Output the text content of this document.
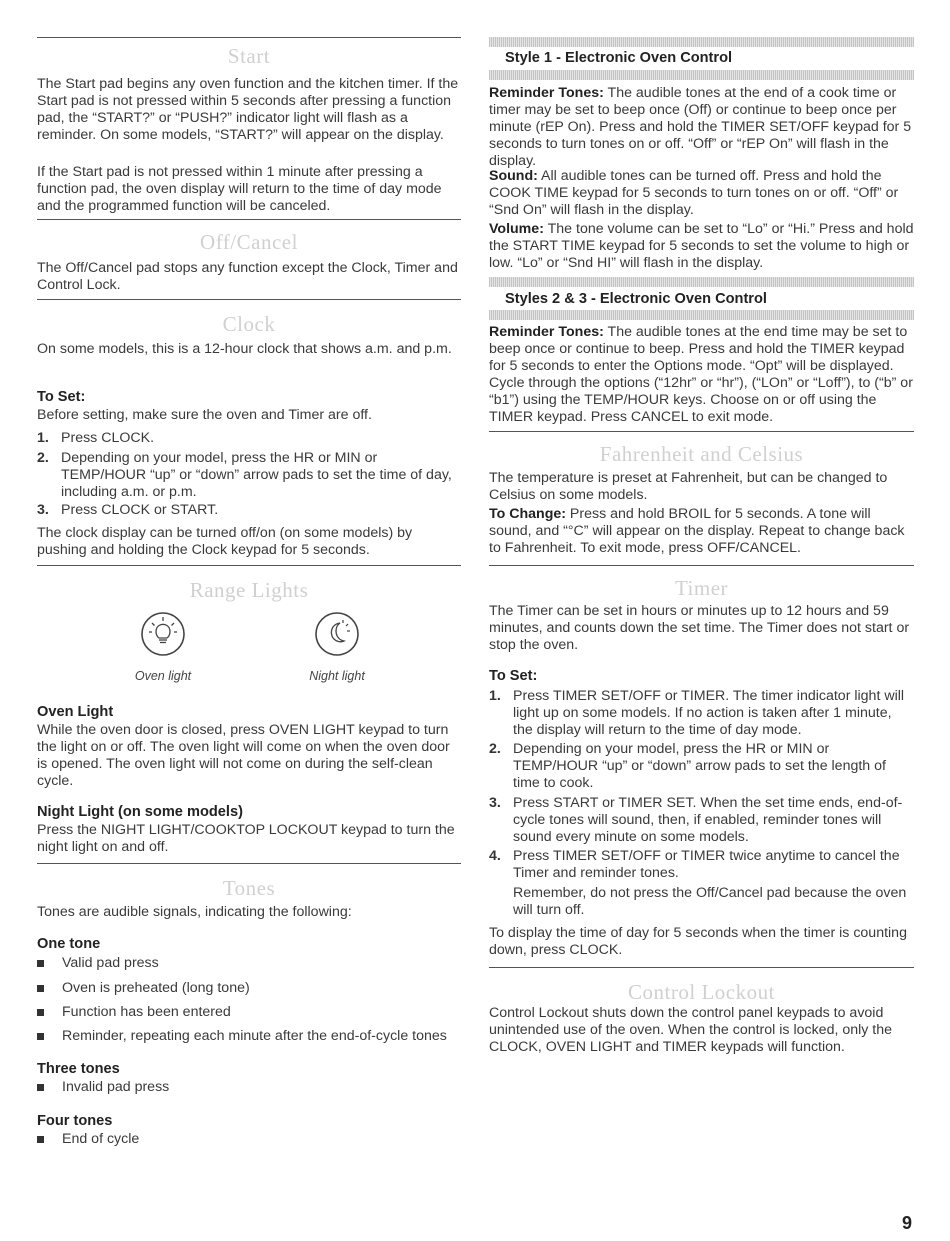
Start

The Start pad begins any oven function and the kitchen timer. If the Start pad is not pressed within 5 seconds after pressing a function pad, the “START?” or “PUSH?” indicator light will flash as a reminder. On some models, “START?” will appear on the display.

If the Start pad is not pressed within 1 minute after pressing a function pad, the oven display will return to the time of day mode and the programmed function will be canceled.

Off/Cancel

The Off/Cancel pad stops any function except the Clock, Timer and Control Lock.

Clock

On some models, this is a 12-hour clock that shows a.m. and p.m.

To Set:

Before setting, make sure the oven and Timer are off.

1. Press CLOCK.

2. Depending on your model, press the HR or MIN or TEMP/HOUR “up” or “down” arrow pads to set the time of day, including a.m. or p.m.

3. Press CLOCK or START.

The clock display can be turned off/on (on some models) by pushing and holding the Clock keypad for 5 seconds.

Range Lights
Oven light	Night light

Oven Light

While the oven door is closed, press OVEN LIGHT keypad to turn the light on or off. The oven light will come on when the oven door is opened. The oven light will not come on during the self-clean cycle.

Night Light (on some models)

Press the NIGHT LIGHT/COOKTOP LOCKOUT keypad to turn the night light on and off.

Tones

Tones are audible signals, indicating the following:

One tone

Valid pad press

Oven is preheated (long tone)

Function has been entered

Reminder, repeating each minute after the end-of-cycle tones

Three tones

Invalid pad press

Four tones

End of cycle

Style 1 - Electronic Oven Control

Reminder Tones: The audible tones at the end of a cook time or timer may be set to beep once (Off) or continue to beep once per minute (rEP On). Press and hold the TIMER SET/OFF keypad for 5 seconds to turn tones on or off. “Off” or “rEP On” will flash in the display.

Sound: All audible tones can be turned off. Press and hold the COOK TIME keypad for 5 seconds to turn tones on or off. “Off” or “Snd On” will flash in the display.

Volume: The tone volume can be set to “Lo” or “Hi.” Press and hold the START TIME keypad for 5 seconds to set the volume to high or low. “Lo” or “Snd HI” will flash in the display.

Styles 2 & 3 - Electronic Oven Control

Reminder Tones: The audible tones at the end time may be set to beep once or continue to beep. Press and hold the TIMER keypad for 5 seconds to enter the Options mode. “Opt” will be displayed. Cycle through the options (“12hr” or “hr”), (“LOn” or “Loff”), to (“b” or “b1”) using the TEMP/HOUR keys. Choose on or off using the TIMER keypad. Press CANCEL to exit mode.

Fahrenheit and Celsius

The temperature is preset at Fahrenheit, but can be changed to Celsius on some models.

To Change: Press and hold BROIL for 5 seconds. A tone will sound, and “°C” will appear on the display. Repeat to change back to Fahrenheit. To exit mode, press OFF/CANCEL.

Timer

The Timer can be set in hours or minutes up to 12 hours and 59 minutes, and counts down the set time. The Timer does not start or stop the oven.

To Set:

1. Press TIMER SET/OFF or TIMER. The timer indicator light will light up on some models. If no action is taken after 1 minute, the display will return to the time of day mode.

2. Depending on your model, press the HR or MIN or TEMP/HOUR “up” or “down” arrow pads to set the length of time to cook.

3. Press START or TIMER SET. When the set time ends, end-of-cycle tones will sound, then, if enabled, reminder tones will sound every minute on some models.

4. Press TIMER SET/OFF or TIMER twice anytime to cancel the Timer and reminder tones.

Remember, do not press the Off/Cancel pad because the oven will turn off.

To display the time of day for 5 seconds when the timer is counting down, press CLOCK.

Control Lockout

Control Lockout shuts down the control panel keypads to avoid unintended use of the oven. When the control is locked, only the CLOCK, OVEN LIGHT and TIMER keypads will function.

9
